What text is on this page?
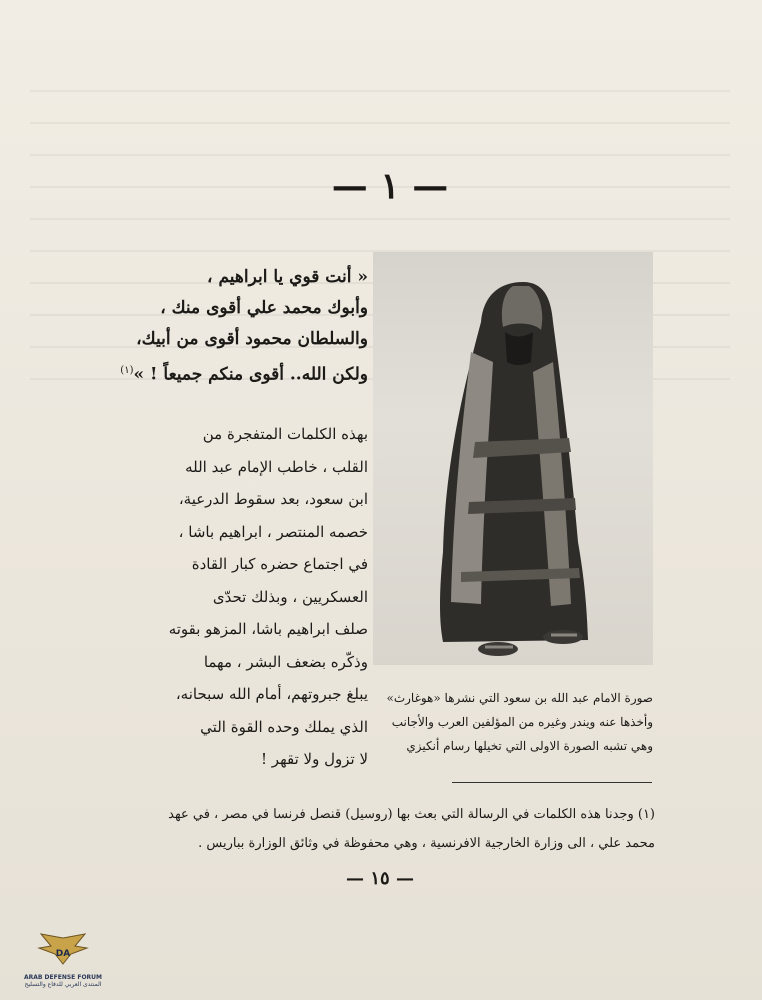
— ١ —
« أنت قوي يا ابراهيم ،
وأبوك محمد علي أقوى منك ،
والسلطان محمود أقوى من أبيك،
ولكن الله.. أقوى منكم جميعاً ! »$^{(١)}$
بهذه الكلمات المتفجرة من
القلب ، خاطب الإمام عبد الله
ابن سعود، بعد سقوط الدرعية،
خصمه المنتصر ، ابراهيم باشا ،
في اجتماع حضره كبار القادة
العسكريين ، وبذلك تحدّى
صلف ابراهيم باشا، المزهو بقوته
وذكّره بضعف البشر ، مهما
يبلغ جبروتهم، أمام الله سبحانه،
الذي يملك وحده القوة التي
لا تزول ولا تقهر !
صورة الامام عبد الله بن سعود التي نشرها «هوغارث»
وأخذها عنه ويندر وغيره من المؤلفين العرب والأجانب
وهي تشبه الصورة الاولى التي تخيلها رسام أنكيزي
(١) وجدنا هذه الكلمات في الرسالة التي بعث بها (روسيل) قنصل فرنسا في مصر ، في عهد
محمد علي ، الى وزارة الخارجية الافرنسية ، وهي محفوظة في وثائق الوزارة بباريس .
— ١٥ —
DA
ARAB DEFENSE FORUM
المنتدى العربي للدفاع والتسليح
